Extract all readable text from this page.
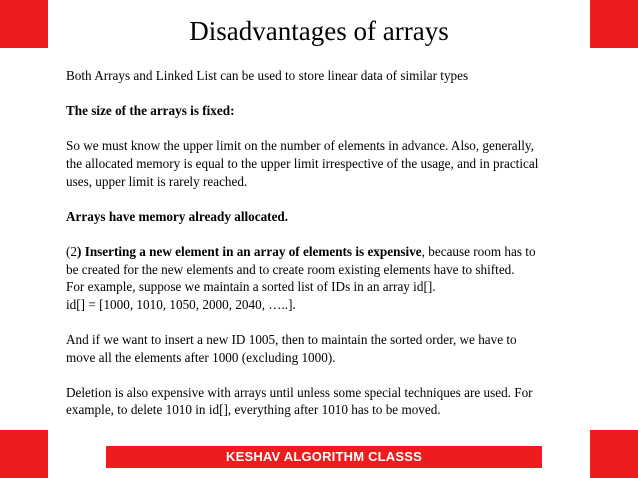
Disadvantages of arrays

Both Arrays and Linked List can be used to store linear data of similar types

The size of the arrays is fixed:

So we must know the upper limit on the number of elements in advance. Also, generally,

the allocated memory is equal to the upper limit irrespective of the usage, and in practical

uses, upper limit is rarely reached.

Arrays have memory already allocated.

(2) Inserting a new element in an array of elements is expensive, because room has to

be created for the new elements and to create room existing elements have to shifted.

For example, suppose we maintain a sorted list of IDs in an array id[].

id[] = [1000, 1010, 1050, 2000, 2040, …..].

And if we want to insert a new ID 1005, then to maintain the sorted order, we have to

move all the elements after 1000 (excluding 1000).

Deletion is also expensive with arrays until unless some special techniques are used. For

example, to delete 1010 in id[], everything after 1010 has to be moved.

KESHAV ALGORITHM CLASSS
